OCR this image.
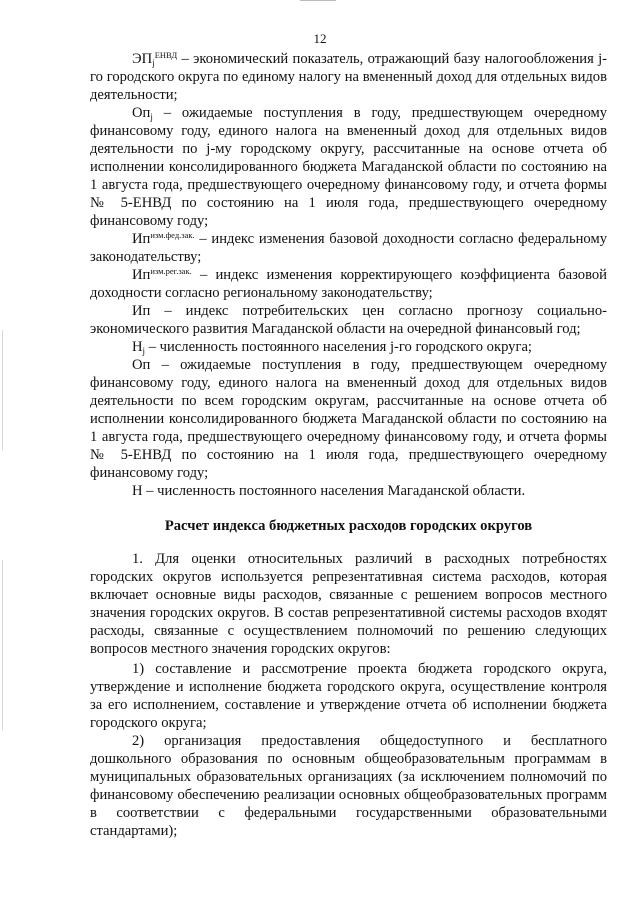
12

$ЭП_j^{ЕНВД}$ – экономический показатель, отражающий базу налогообложения j-го городского округа по единому налогу на вмененный доход для отдельных видов деятельности;

$Оп_j$ – ожидаемые поступления в году, предшествующем очередному финансовому году, единого налога на вмененный доход для отдельных видов деятельности по j-му городскому округу, рассчитанные на основе отчета об исполнении консолидированного бюджета Магаданской области по состоянию на 1 августа года, предшествующего очередному финансовому году, и отчета формы № 5-ЕНВД по состоянию на 1 июля года, предшествующего очередному финансовому году;

$Ип^{изм.фед.зак.}$ – индекс изменения базовой доходности согласно федеральному законодательству;

$Ип^{изм.рег.зак.}$ – индекс изменения корректирующего коэффициента базовой доходности согласно региональному законодательству;

Ип – индекс потребительских цен согласно прогнозу социально-экономического развития Магаданской области на очередной финансовый год;

$Н_j$ – численность постоянного населения j-го городского округа;

Оп – ожидаемые поступления в году, предшествующем очередному финансовому году, единого налога на вмененный доход для отдельных видов деятельности по всем городским округам, рассчитанные на основе отчета об исполнении консолидированного бюджета Магаданской области по состоянию на 1 августа года, предшествующего очередному финансовому году, и отчета формы № 5-ЕНВД по состоянию на 1 июля года, предшествующего очередному финансовому году;

Н – численность постоянного населения Магаданской области.

Расчет индекса бюджетных расходов городских округов

1. Для оценки относительных различий в расходных потребностях городских округов используется репрезентативная система расходов, которая включает основные виды расходов, связанные с решением вопросов местного значения городских округов. В состав репрезентативной системы расходов входят расходы, связанные с осуществлением полномочий по решению следующих вопросов местного значения городских округов:

1) составление и рассмотрение проекта бюджета городского округа, утверждение и исполнение бюджета городского округа, осуществление контроля за его исполнением, составление и утверждение отчета об исполнении бюджета городского округа;

2) организация предоставления общедоступного и бесплатного дошкольного образования по основным общеобразовательным программам в муниципальных образовательных организациях (за исключением полномочий по финансовому обеспечению реализации основных общеобразовательных программ в соответствии с федеральными государственными образовательными стандартами);
